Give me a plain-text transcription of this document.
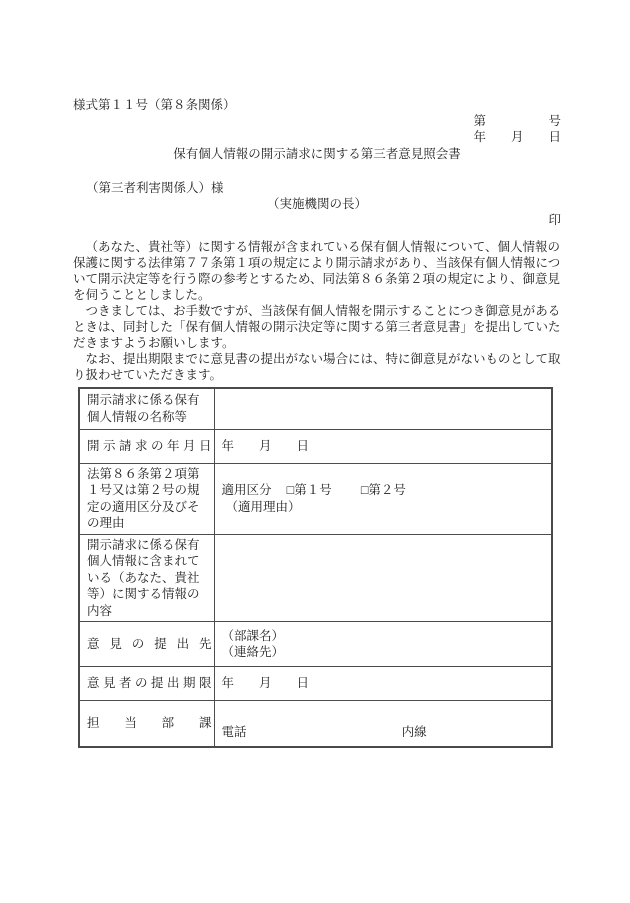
様式第１１号（第８条関係）
第　　　　　号
年　　月　　日
保有個人情報の開示請求に関する第三者意見照会書
（第三者利害関係人）様
（実施機関の長）
印

（あなた、貴社等）に関する情報が含まれている保有個人情報について、個人情報の保護に関する法律第７７条第１項の規定により開示請求があり、当該保有個人情報について開示決定等を行う際の参考とするため、同法第８６条第２項の規定により、御意見を伺うこととしました。

つきましては、お手数ですが、当該保有個人情報を開示することにつき御意見があるときは、同封した「保有個人情報の開示決定等に関する第三者意見書」を提出していただきますようお願いします。

なお、提出期限までに意見書の提出がない場合には、特に御意見がないものとして取り扱わせていただきます。

開示請求に係る保有個人情報の名称等	
開 示 請 求 の 年 月 日	年　　月　　日
法第８６条第２項第１号又は第２号の規定の適用区分及びその理由	適用区分 □第１号 □第２号
（適用理由）

開示請求に係る保有個人情報に含まれている（あなた、貴社等）に関する情報の内容	
意 見 の 提 出 先	（部課名）
（連絡先）

意 見 者 の 提 出 期 限	年　　月　　日
担 当 部 課	電話 内線
